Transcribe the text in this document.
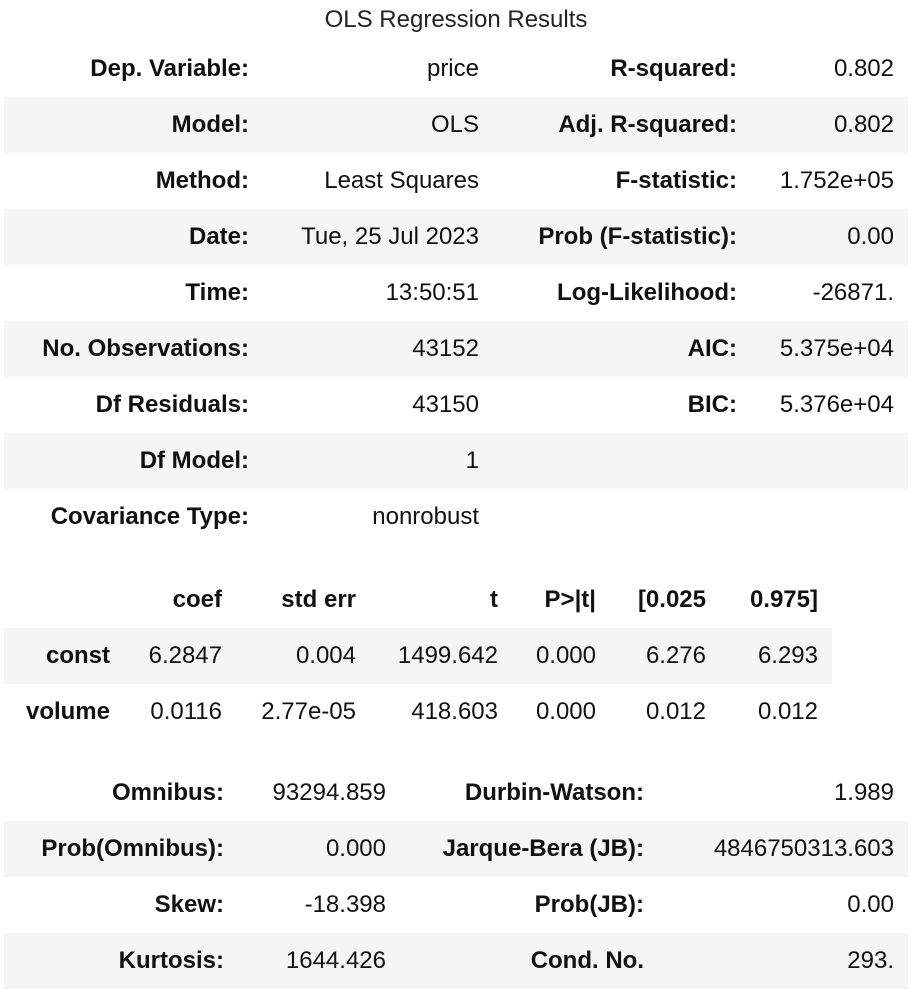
OLS Regression Results
Dep. Variable:	price	R-squared:	0.802
Model:	OLS	Adj. R-squared:	0.802
Method:	Least Squares	F-statistic:	1.752e+05
Date:	Tue, 25 Jul 2023	Prob (F-statistic):	0.00
Time:	13:50:51	Log-Likelihood:	-26871.
No. Observations:	43152	AIC:	5.375e+04
Df Residuals:	43150	BIC:	5.376e+04
Df Model:	1		
Covariance Type:	nonrobust		
	coef	std err	t	P>|t|	[0.025	0.975]
const	6.2847	0.004	1499.642	0.000	6.276	6.293
volume	0.0116	2.77e-05	418.603	0.000	0.012	0.012
Omnibus:	93294.859	Durbin-Watson:	1.989
Prob(Omnibus):	0.000	Jarque-Bera (JB):	4846750313.603
Skew:	-18.398	Prob(JB):	0.00
Kurtosis:	1644.426	Cond. No.	293.
